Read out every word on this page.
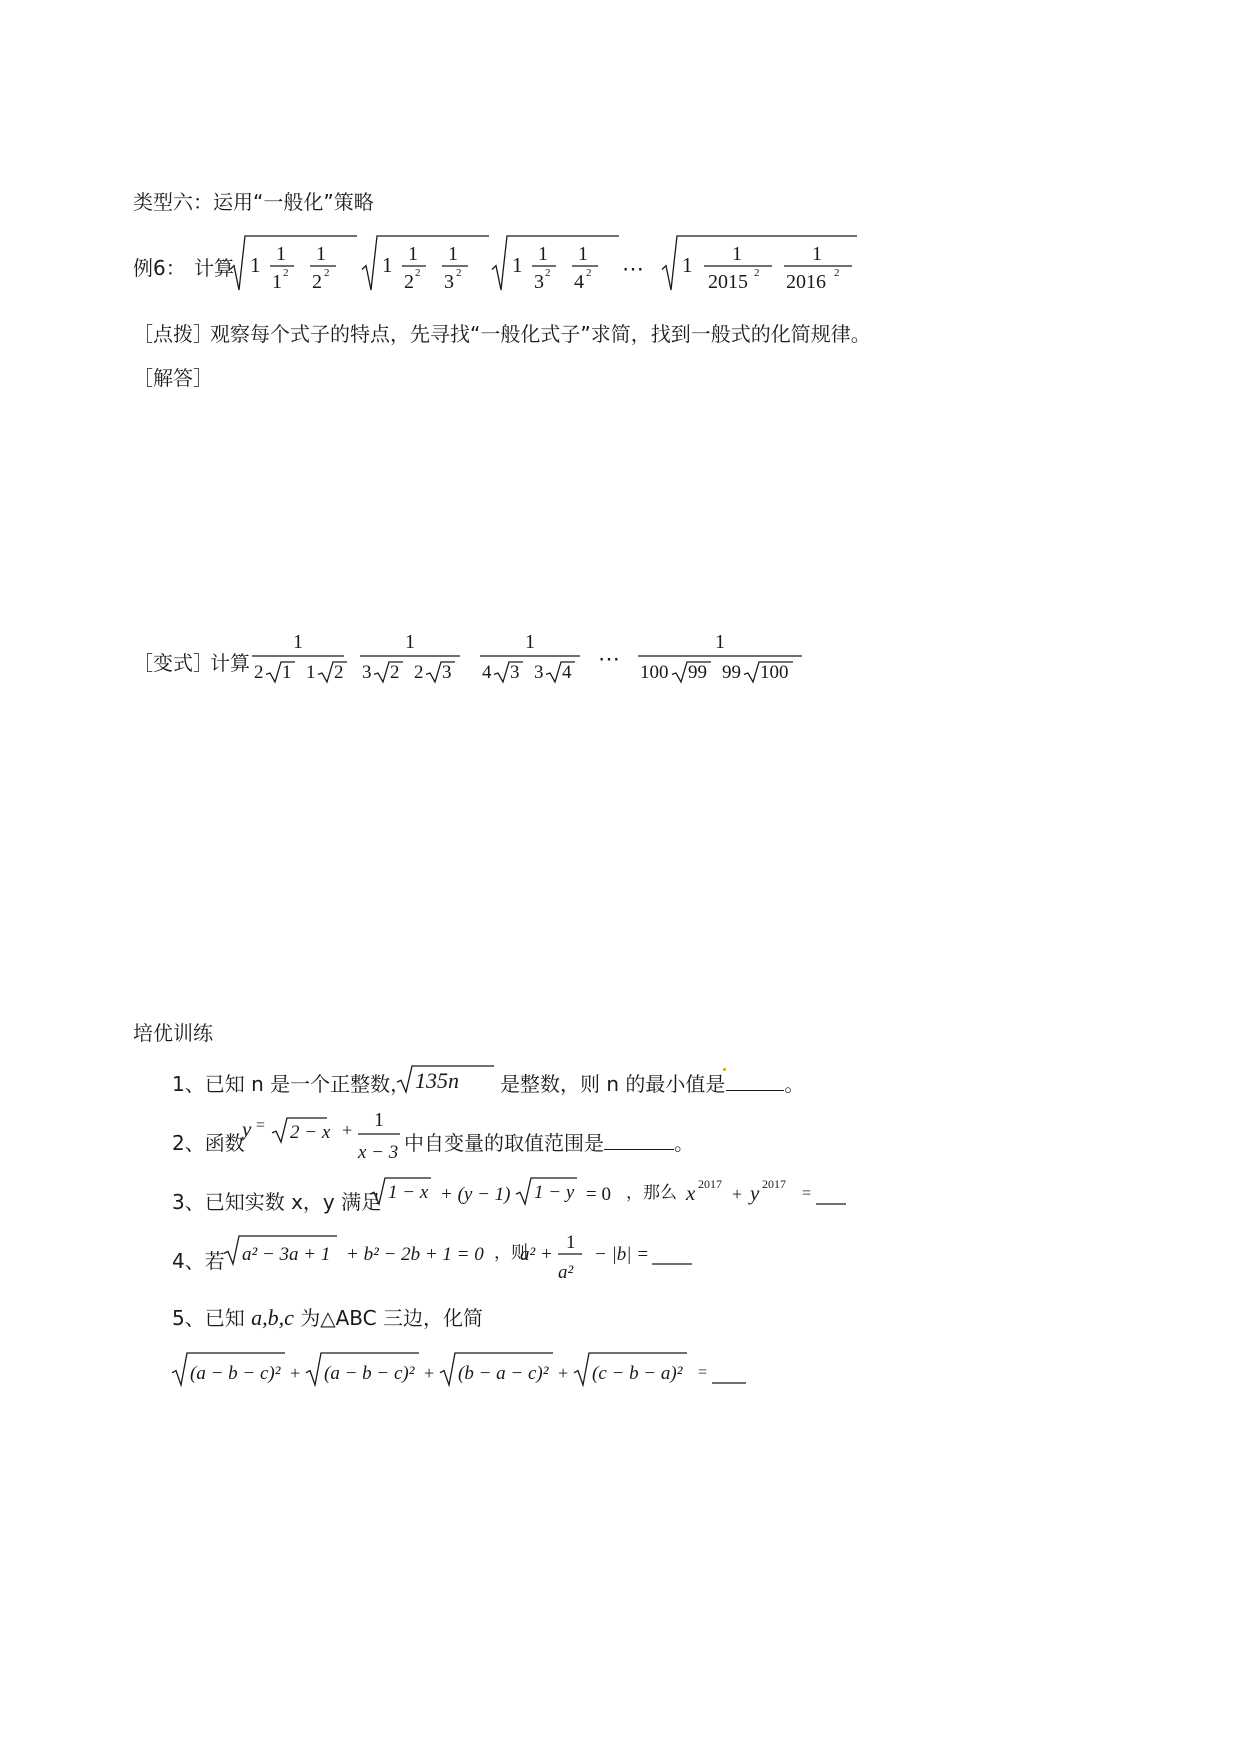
类型六：运用“一般化”策略
例6： 计算 1 1
1 2
1
2 2	1 1
2 2
1
3 2 1 1
3 2
1
4 2	1 1
2015 2
1
2016 2
⋯
［点拨］
观察每个式子的特点，先寻找“一般化式子”求简，找到一般式的化简规律。
［解答］
［变式］
计算
1
2 1 1 2
1
3 2 2 3
1
4 3 3 4
1
100 99 99 100
⋯
培优训练
1、已知 n 是一个正整数， 135n 是整数，则 n 的最小值是	。
2、函数
y = 2 − x + 1
x − 3 中自变量的取值范围是	。
3、已知实数 x，y 满足 1 − x + (y − 1) 1 − y = 0 ，那么 x 2017 + y 2017
=
4、若 a² − 3a + 1 + b² − 2b + 1 = 0 ，则
a² +
1
a²
− |b| =
5、已知 a,b,c 为△ABC 三边，化简
(a − b − c)² + (a − b − c)² + (b − a − c)² + (c − b − a)² =
